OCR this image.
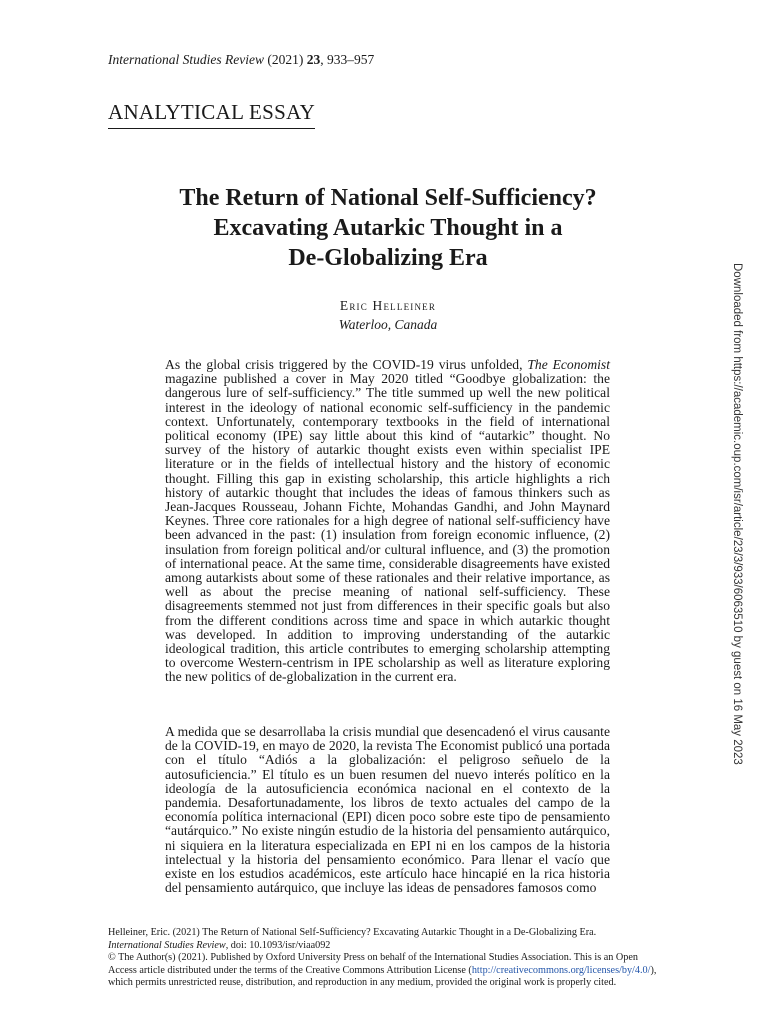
International Studies Review (2021) 23, 933–957
ANALYTICAL ESSAY
The Return of National Self-Sufficiency?
Excavating Autarkic Thought in a
De-Globalizing Era
Eric Helleiner
Waterloo, Canada

As the global crisis triggered by the COVID-19 virus unfolded, The Economist magazine published a cover in May 2020 titled “Goodbye globalization: the dangerous lure of self-sufficiency.” The title summed up well the new political interest in the ideology of national economic self-sufficiency in the pandemic context. Unfortunately, contemporary textbooks in the field of international political economy (IPE) say little about this kind of “autarkic” thought. No survey of the history of autarkic thought exists even within specialist IPE literature or in the fields of intellectual history and the history of economic thought. Filling this gap in existing scholarship, this article highlights a rich history of autarkic thought that includes the ideas of famous thinkers such as Jean-Jacques Rousseau, Johann Fichte, Mohandas Gandhi, and John Maynard Keynes. Three core rationales for a high degree of national self-sufficiency have been advanced in the past: (1) insulation from foreign economic influence, (2) insulation from foreign political and/or cultural influence, and (3) the promotion of international peace. At the same time, considerable disagreements have existed among autarkists about some of these rationales and their relative importance, as well as about the precise meaning of national self-sufficiency. These disagreements stemmed not just from differences in their specific goals but also from the different conditions across time and space in which autarkic thought was developed. In addition to improving understanding of the autarkic ideological tradition, this article contributes to emerging scholarship attempting to overcome Western-centrism in IPE scholarship as well as literature exploring the new politics of de-globalization in the current era.

A medida que se desarrollaba la crisis mundial que desencadenó el virus causante de la COVID-19, en mayo de 2020, la revista The Economist publicó una portada con el título “Adiós a la globalización: el peligroso señuelo de la autosuficiencia.” El título es un buen resumen del nuevo interés político en la ideología de la autosuficiencia económica nacional en el contexto de la pandemia. Desafortunadamente, los libros de texto actuales del campo de la economía política internacional (EPI) dicen poco sobre este tipo de pensamiento “autárquico.” No existe ningún estudio de la historia del pensamiento autárquico, ni siquiera en la literatura especializada en EPI ni en los campos de la historia intelectual y la historia del pensamiento económico. Para llenar el vacío que existe en los estudios académicos, este artículo hace hincapié en la rica historia del pensamiento autárquico, que incluye las ideas de pensadores famosos como

Helleiner, Eric. (2021) The Return of National Self-Sufficiency? Excavating Autarkic Thought in a De-Globalizing Era.
International Studies Review, doi: 10.1093/isr/viaa092
© The Author(s) (2021). Published by Oxford University Press on behalf of the International Studies Association. This is an Open Access article distributed under the terms of the Creative Commons Attribution License (http://creativecommons.org/licenses/by/4.0/), which permits unrestricted reuse, distribution, and reproduction in any medium, provided the original work is properly cited.

Downloaded from https://academic.oup.com/isr/article/23/3/933/6063510 by guest on 16 May 2023
